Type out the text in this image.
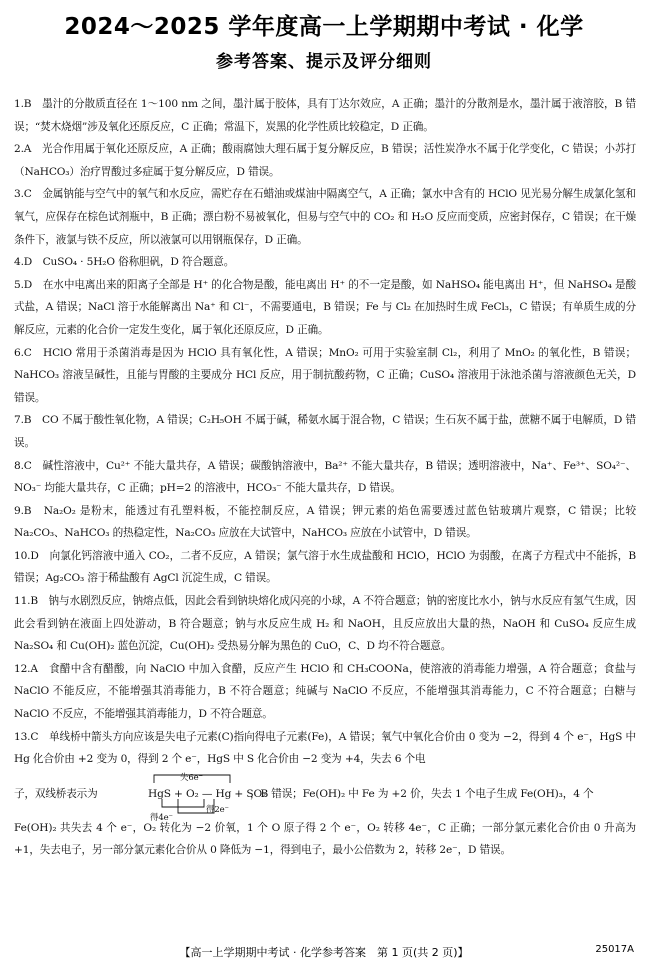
2024～2025 学年度高一上学期期中考试 · 化学
参考答案、提示及评分细则

1.B　墨汁的分散质直径在 1～100 nm 之间，墨汁属于胶体，具有丁达尔效应，A 正确；墨汁的分散剂是水，墨汁属于液溶胶，B 错误；“焚木烧烟”涉及氧化还原反应，C 正确；常温下，炭黑的化学性质比较稳定，D 正确。

2.A　光合作用属于氧化还原反应，A 正确；酸雨腐蚀大理石属于复分解反应，B 错误；活性炭净水不属于化学变化，C 错误；小苏打（NaHCO₃）治疗胃酸过多症属于复分解反应，D 错误。

3.C　金属钠能与空气中的氧气和水反应，需贮存在石蜡油或煤油中隔离空气，A 正确；氯水中含有的 HClO 见光易分解生成氯化氢和氧气，应保存在棕色试剂瓶中，B 正确；漂白粉不易被氧化，但易与空气中的 CO₂ 和 H₂O 反应而变质，应密封保存，C 错误；在干燥条件下，液氯与铁不反应，所以液氯可以用钢瓶保存，D 正确。

4.D　CuSO₄ · 5H₂O 俗称胆矾，D 符合题意。

5.D　在水中电离出来的阳离子全部是 H⁺ 的化合物是酸，能电离出 H⁺ 的不一定是酸，如 NaHSO₄ 能电离出 H⁺，但 NaHSO₄ 是酸式盐，A 错误；NaCl 溶于水能解离出 Na⁺ 和 Cl⁻，不需要通电，B 错误；Fe 与 Cl₂ 在加热时生成 FeCl₃，C 错误；有单质生成的分解反应，元素的化合价一定发生变化，属于氧化还原反应，D 正确。

6.C　HClO 常用于杀菌消毒是因为 HClO 具有氧化性，A 错误；MnO₂ 可用于实验室制 Cl₂，利用了 MnO₂ 的氧化性，B 错误；NaHCO₃ 溶液呈碱性，且能与胃酸的主要成分 HCl 反应，用于制抗酸药物，C 正确；CuSO₄ 溶液用于泳池杀菌与溶液颜色无关，D 错误。

7.B　CO 不属于酸性氧化物，A 错误；C₂H₅OH 不属于碱，稀氨水属于混合物，C 错误；生石灰不属于盐，蔗糖不属于电解质，D 错误。

8.C　碱性溶液中，Cu²⁺ 不能大量共存，A 错误；碳酸钠溶液中，Ba²⁺ 不能大量共存，B 错误；透明溶液中，Na⁺、Fe³⁺、SO₄²⁻、NO₃⁻ 均能大量共存，C 正确；pH=2 的溶液中，HCO₃⁻ 不能大量共存，D 错误。

9.B　Na₂O₂ 是粉末，能透过有孔塑料板，不能控制反应，A 错误；钾元素的焰色需要透过蓝色钴玻璃片观察，C 错误；比较 Na₂CO₃、NaHCO₃ 的热稳定性，Na₂CO₃ 应放在大试管中，NaHCO₃ 应放在小试管中，D 错误。

10.D　向氯化钙溶液中通入 CO₂，二者不反应，A 错误；氯气溶于水生成盐酸和 HClO，HClO 为弱酸，在离子方程式中不能拆，B 错误；Ag₂CO₃ 溶于稀盐酸有 AgCl 沉淀生成，C 错误。

11.B　钠与水剧烈反应，钠熔点低，因此会看到钠块熔化成闪亮的小球，A 不符合题意；钠的密度比水小，钠与水反应有氢气生成，因此会看到钠在液面上四处游动，B 符合题意；钠与水反应生成 H₂ 和 NaOH，且反应放出大量的热，NaOH 和 CuSO₄ 反应生成 Na₂SO₄ 和 Cu(OH)₂ 蓝色沉淀，Cu(OH)₂ 受热易分解为黑色的 CuO，C、D 均不符合题意。

12.A　食醋中含有醋酸，向 NaClO 中加入食醋，反应产生 HClO 和 CH₃COONa，使溶液的消毒能力增强，A 符合题意；食盐与 NaClO 不能反应，不能增强其消毒能力，B 不符合题意；纯碱与 NaClO 不反应，不能增强其消毒能力，C 不符合题意；白糖与 NaClO 不反应，不能增强其消毒能力，D 不符合题意。

13.C　单线桥中箭头方向应该是失电子元素(C)指向得电子元素(Fe)，A 错误；氧气中氧化合价由 0 变为 −2，得到 4 个 e⁻，HgS 中 Hg 化合价由 +2 变为 0，得到 2 个 e⁻，HgS 中 S 化合价由 −2 变为 +4，失去 6 个电

子，双线桥表示为	HgS + O₂ — Hg + SO₂
失6e⁻
得2e⁻
得4e⁻
，B 错误；Fe(OH)₂ 中 Fe 为 +2 价，失去 1 个电子生成 Fe(OH)₃，4 个

Fe(OH)₂ 共失去 4 个 e⁻，O₂ 转化为 −2 价氧，1 个 O 原子得 2 个 e⁻，O₂ 转移 4e⁻，C 正确；一部分氯元素化合价由 0 升高为 +1，失去电子，另一部分氯元素化合价从 0 降低为 −1，得到电子，最小公倍数为 2，转移 2e⁻，D 错误。

【高一上学期期中考试 · 化学参考答案　第 1 页(共 2 页)】	25017A
